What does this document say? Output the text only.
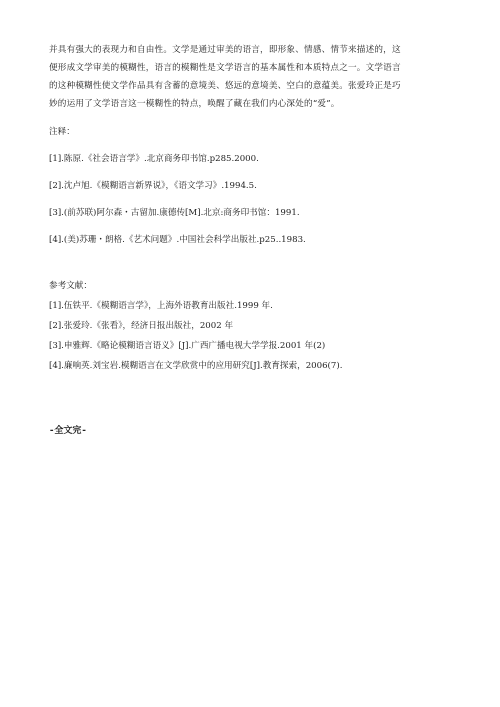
并具有强大的表现力和自由性。文学是通过审美的语言，即形象、情感、情节来描述的，这
便形成文学审美的模糊性，语言的模糊性是文学语言的基本属性和本质特点之一。文学语言
的这种模糊性使文学作品具有含蓄的意境美、悠远的意境美、空白的意蕴美。张爱玲正是巧
妙的运用了文学语言这一模糊性的特点，唤醒了藏在我们内心深处的“爱”。

注释：
[1].陈原.《社会语言学》.北京商务印书馆.p285.2000.
[2].沈卢旭.《模糊语言新界说》，《语文学习》.1994.5.
[3].(前苏联)阿尔森・古留加.康德传[M].北京:商务印书馆：1991.
[4].(美)苏珊・朗格.《艺术问题》.中国社会科学出版社.p25..1983.
参考文献：
[1].伍铁平.《模糊语言学》，上海外语教育出版社.1999 年.
[2].张爱玲.《张看》，经济日报出版社，2002 年
[3].申雅辉.《略论模糊语言语义》[J].广西广播电视大学学报.2001 年(2)
[4].廉响英.刘宝岩.模糊语言在文学欣赏中的应用研究[J].教育探索，2006(7).
-全文完-
